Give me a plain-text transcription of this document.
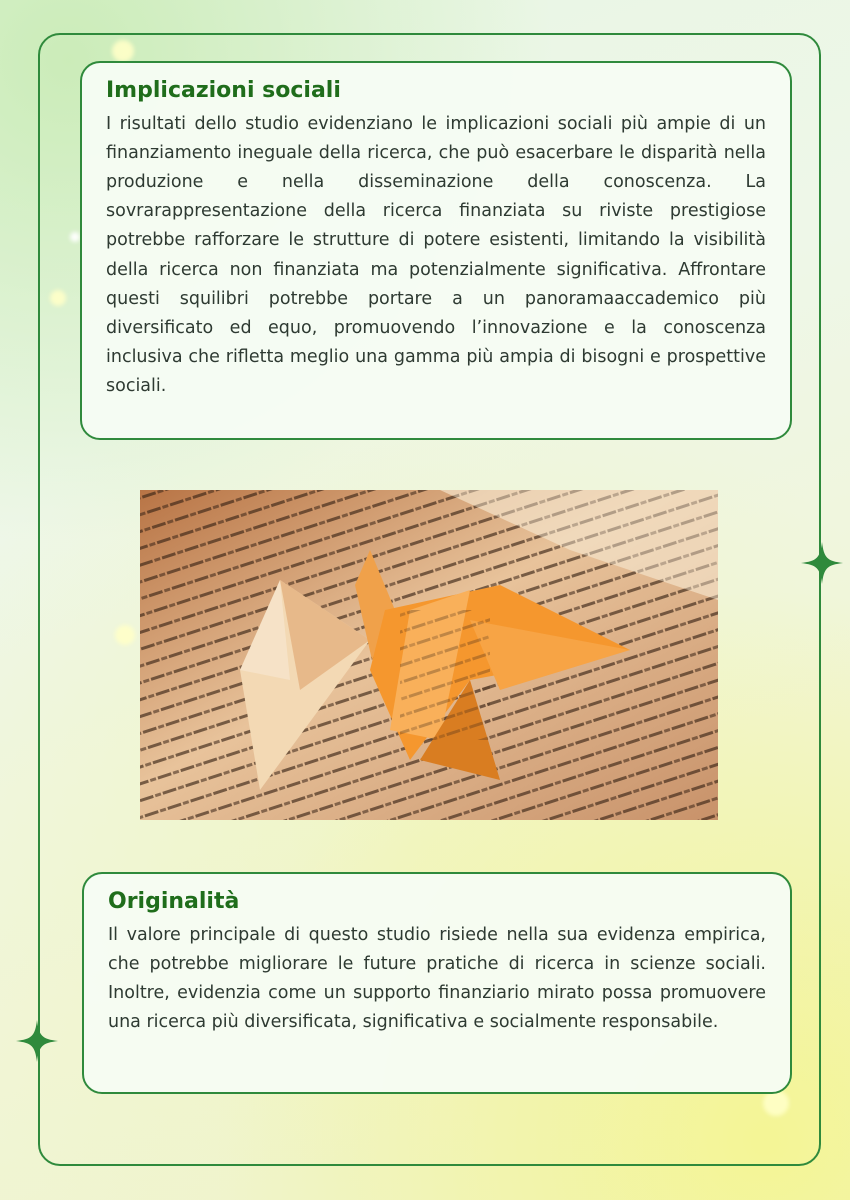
Implicazioni sociali

I risultati dello studio evidenziano le implicazioni sociali più ampie di un finanziamento ineguale della ricerca, che può esacerbare le disparità nella produzione e nella disseminazione della conoscenza. La sovrarappresentazione della ricerca finanziata su riviste prestigiose potrebbe rafforzare le strutture di potere esistenti, limitando la visibilità della ricerca non finanziata ma potenzialmente significativa. Affrontare questi squilibri potrebbe portare a un panoramaaccademico più diversificato ed equo, promuovendo l’innovazione e la conoscenza inclusiva che rifletta meglio una gamma più ampia di bisogni e prospettive sociali.

Originalità

Il valore principale di questo studio risiede nella sua evidenza empirica, che potrebbe migliorare le future pratiche di ricerca in scienze sociali. Inoltre, evidenzia come un supporto finanziario mirato possa promuovere una ricerca più diversificata, significativa e socialmente responsabile.
